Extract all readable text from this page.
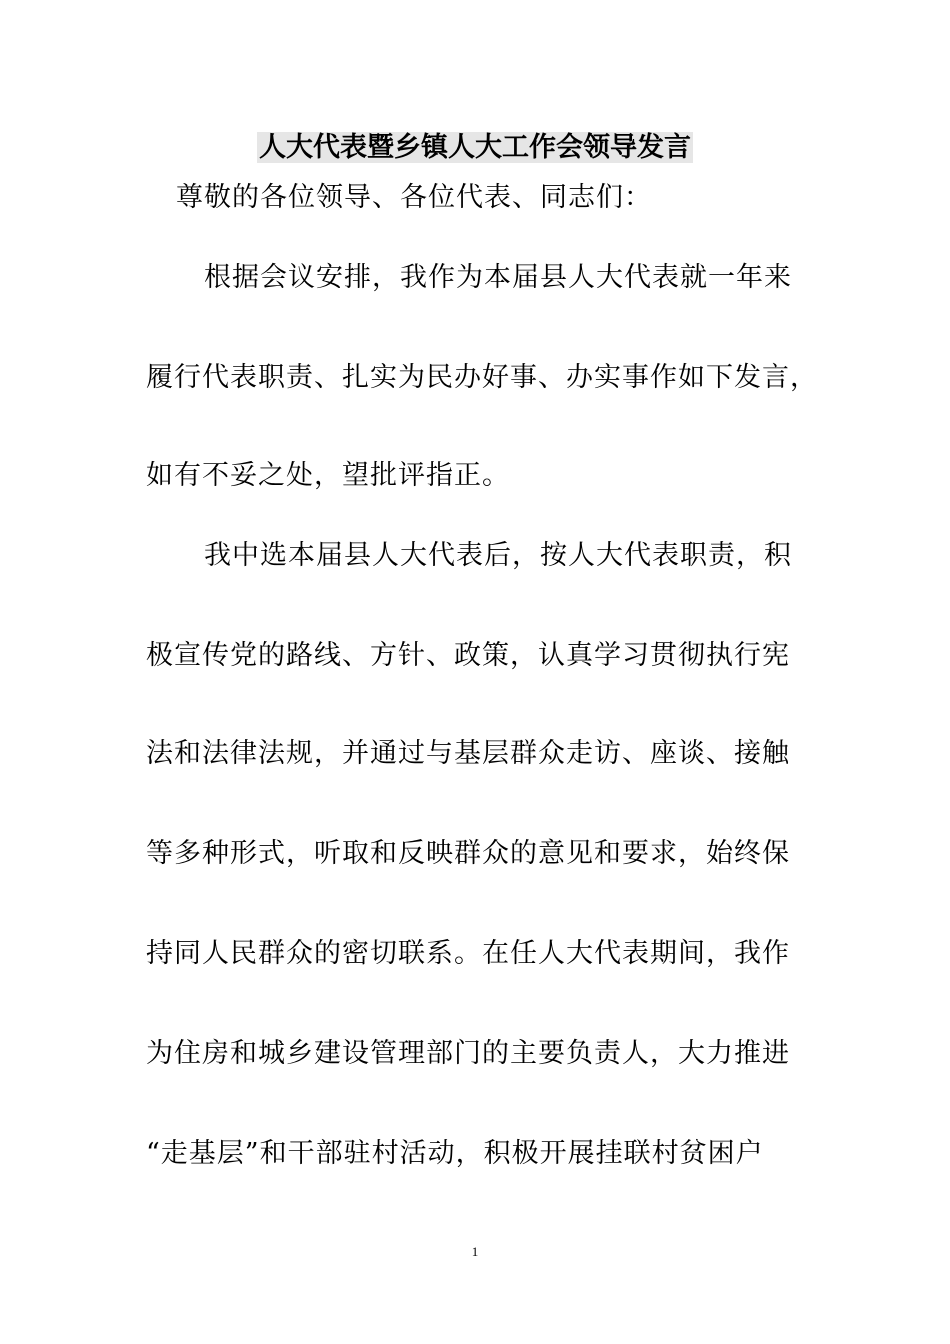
人大代表暨乡镇人大工作会领导发言
尊敬的各位领导、各位代表、同志们：
根据会议安排，我作为本届县人大代表就一年来
履行代表职责、扎实为民办好事、办实事作如下发言，
如有不妥之处，望批评指正。
我中选本届县人大代表后，按人大代表职责，积
极宣传党的路线、方针、政策，认真学习贯彻执行宪
法和法律法规，并通过与基层群众走访、座谈、接触
等多种形式，听取和反映群众的意见和要求，始终保
持同人民群众的密切联系。在任人大代表期间，我作
为住房和城乡建设管理部门的主要负责人，大力推进
“走基层”和干部驻村活动，积极开展挂联村贫困户
1
